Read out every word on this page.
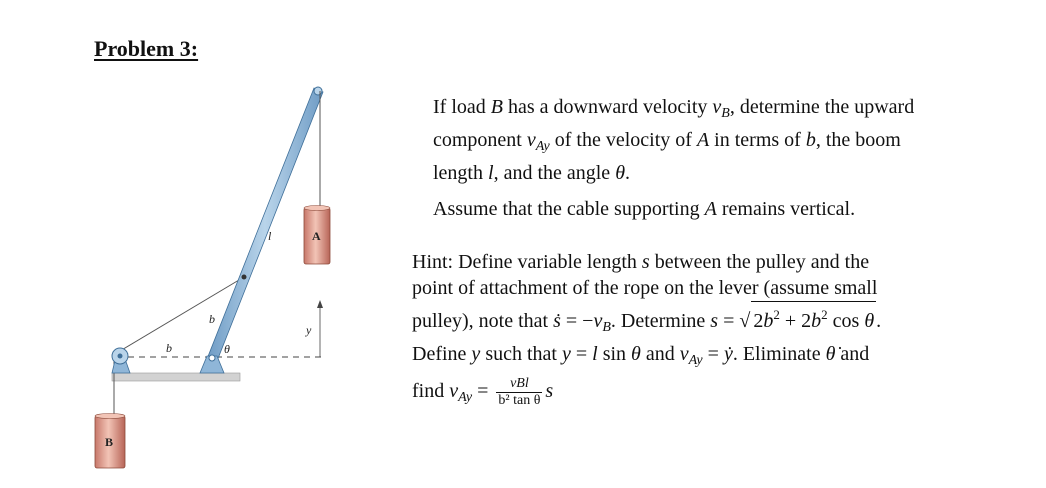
Problem 3:
l	A
b
y
b	θ
B

If load B has a downward velocity $v_B$, determine the upward
component $v_{Ay}$ of the velocity of A in terms of b, the boom
length l, and the angle θ.

Assume that the cable supporting A remains vertical.

Hint: Define variable length s between the pulley and the
point of attachment of the rope on the lever (assume small
pulley), note that ṡ = $-v_B$. Determine s = √ $2b^2 + 2b^2$ cos θ .
Define y such that y = l sin θ and $v_{Ay}$ = ẏ. Eliminate θ̇ and
find $v_{Ay} = \frac{\text{vBl}}{\text{b² tan θ}}$ s
